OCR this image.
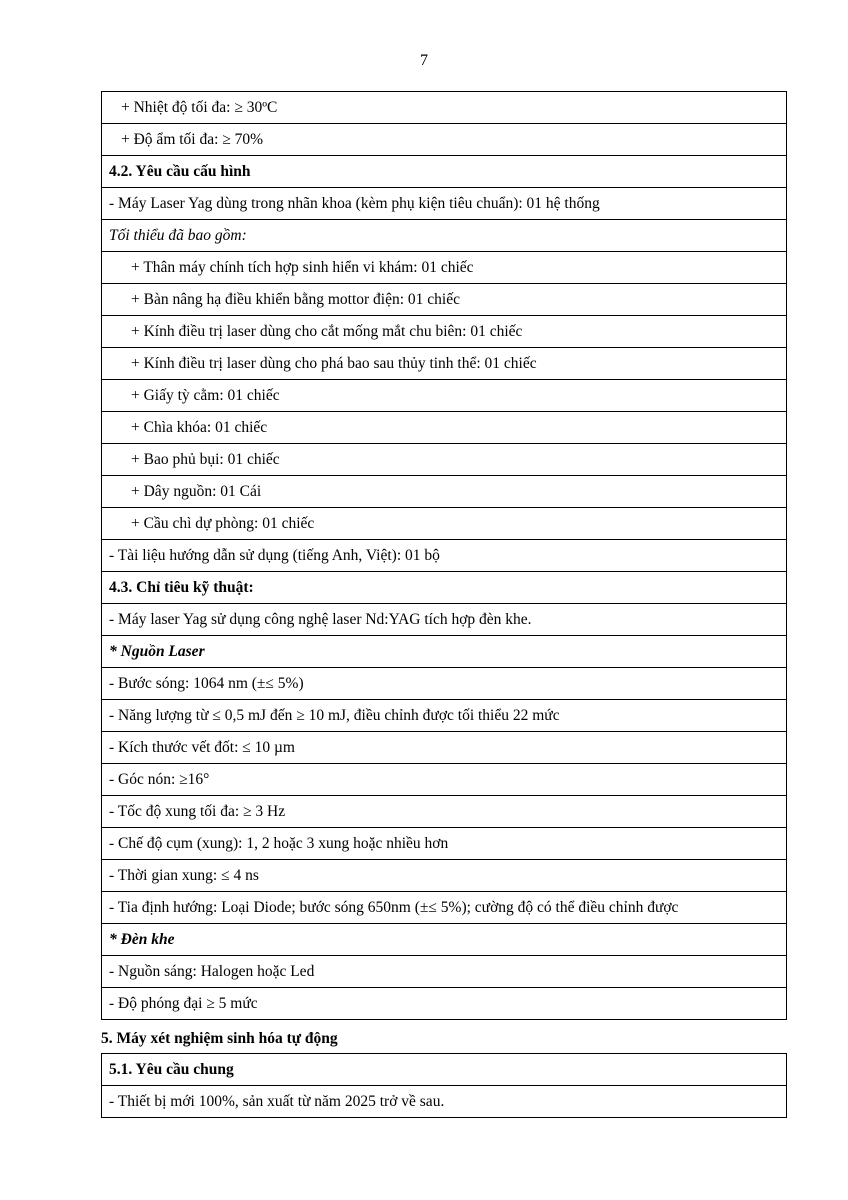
7
+ Nhiệt độ tối đa: ≥ 30ºC
+ Độ ẩm tối đa: ≥ 70%
4.2. Yêu cầu cấu hình
- Máy Laser Yag dùng trong nhãn khoa (kèm phụ kiện tiêu chuẩn): 01 hệ thống
Tối thiểu đã bao gồm:
+ Thân máy chính tích hợp sinh hiển vi khám: 01 chiếc
+ Bàn nâng hạ điều khiển bằng mottor điện: 01 chiếc
+ Kính điều trị laser dùng cho cắt mống mắt chu biên: 01 chiếc
+ Kính điều trị laser dùng cho phá bao sau thủy tinh thể: 01 chiếc
+ Giấy tỳ cằm: 01 chiếc
+ Chìa khóa: 01 chiếc
+ Bao phủ bụi: 01 chiếc
+ Dây nguồn: 01 Cái
+ Cầu chì dự phòng: 01 chiếc
- Tài liệu hướng dẫn sử dụng (tiếng Anh, Việt): 01 bộ
4.3. Chỉ tiêu kỹ thuật:
- Máy laser Yag sử dụng công nghệ laser Nd:YAG tích hợp đèn khe.
* Nguồn Laser
- Bước sóng: 1064 nm (±≤ 5%)
- Năng lượng từ ≤ 0,5 mJ đến ≥ 10 mJ, điều chỉnh được tối thiểu 22 mức
- Kích thước vết đốt: ≤ 10 µm
- Góc nón: ≥16°
- Tốc độ xung tối đa: ≥ 3 Hz
- Chế độ cụm (xung): 1, 2 hoặc 3 xung hoặc nhiều hơn
- Thời gian xung: ≤ 4 ns
- Tia định hướng: Loại Diode; bước sóng 650nm (±≤ 5%); cường độ có thể điều chỉnh được
* Đèn khe
- Nguồn sáng: Halogen hoặc Led
- Độ phóng đại ≥ 5 mức
5. Máy xét nghiệm sinh hóa tự động
5.1. Yêu cầu chung
- Thiết bị mới 100%, sản xuất từ năm 2025 trở về sau.
